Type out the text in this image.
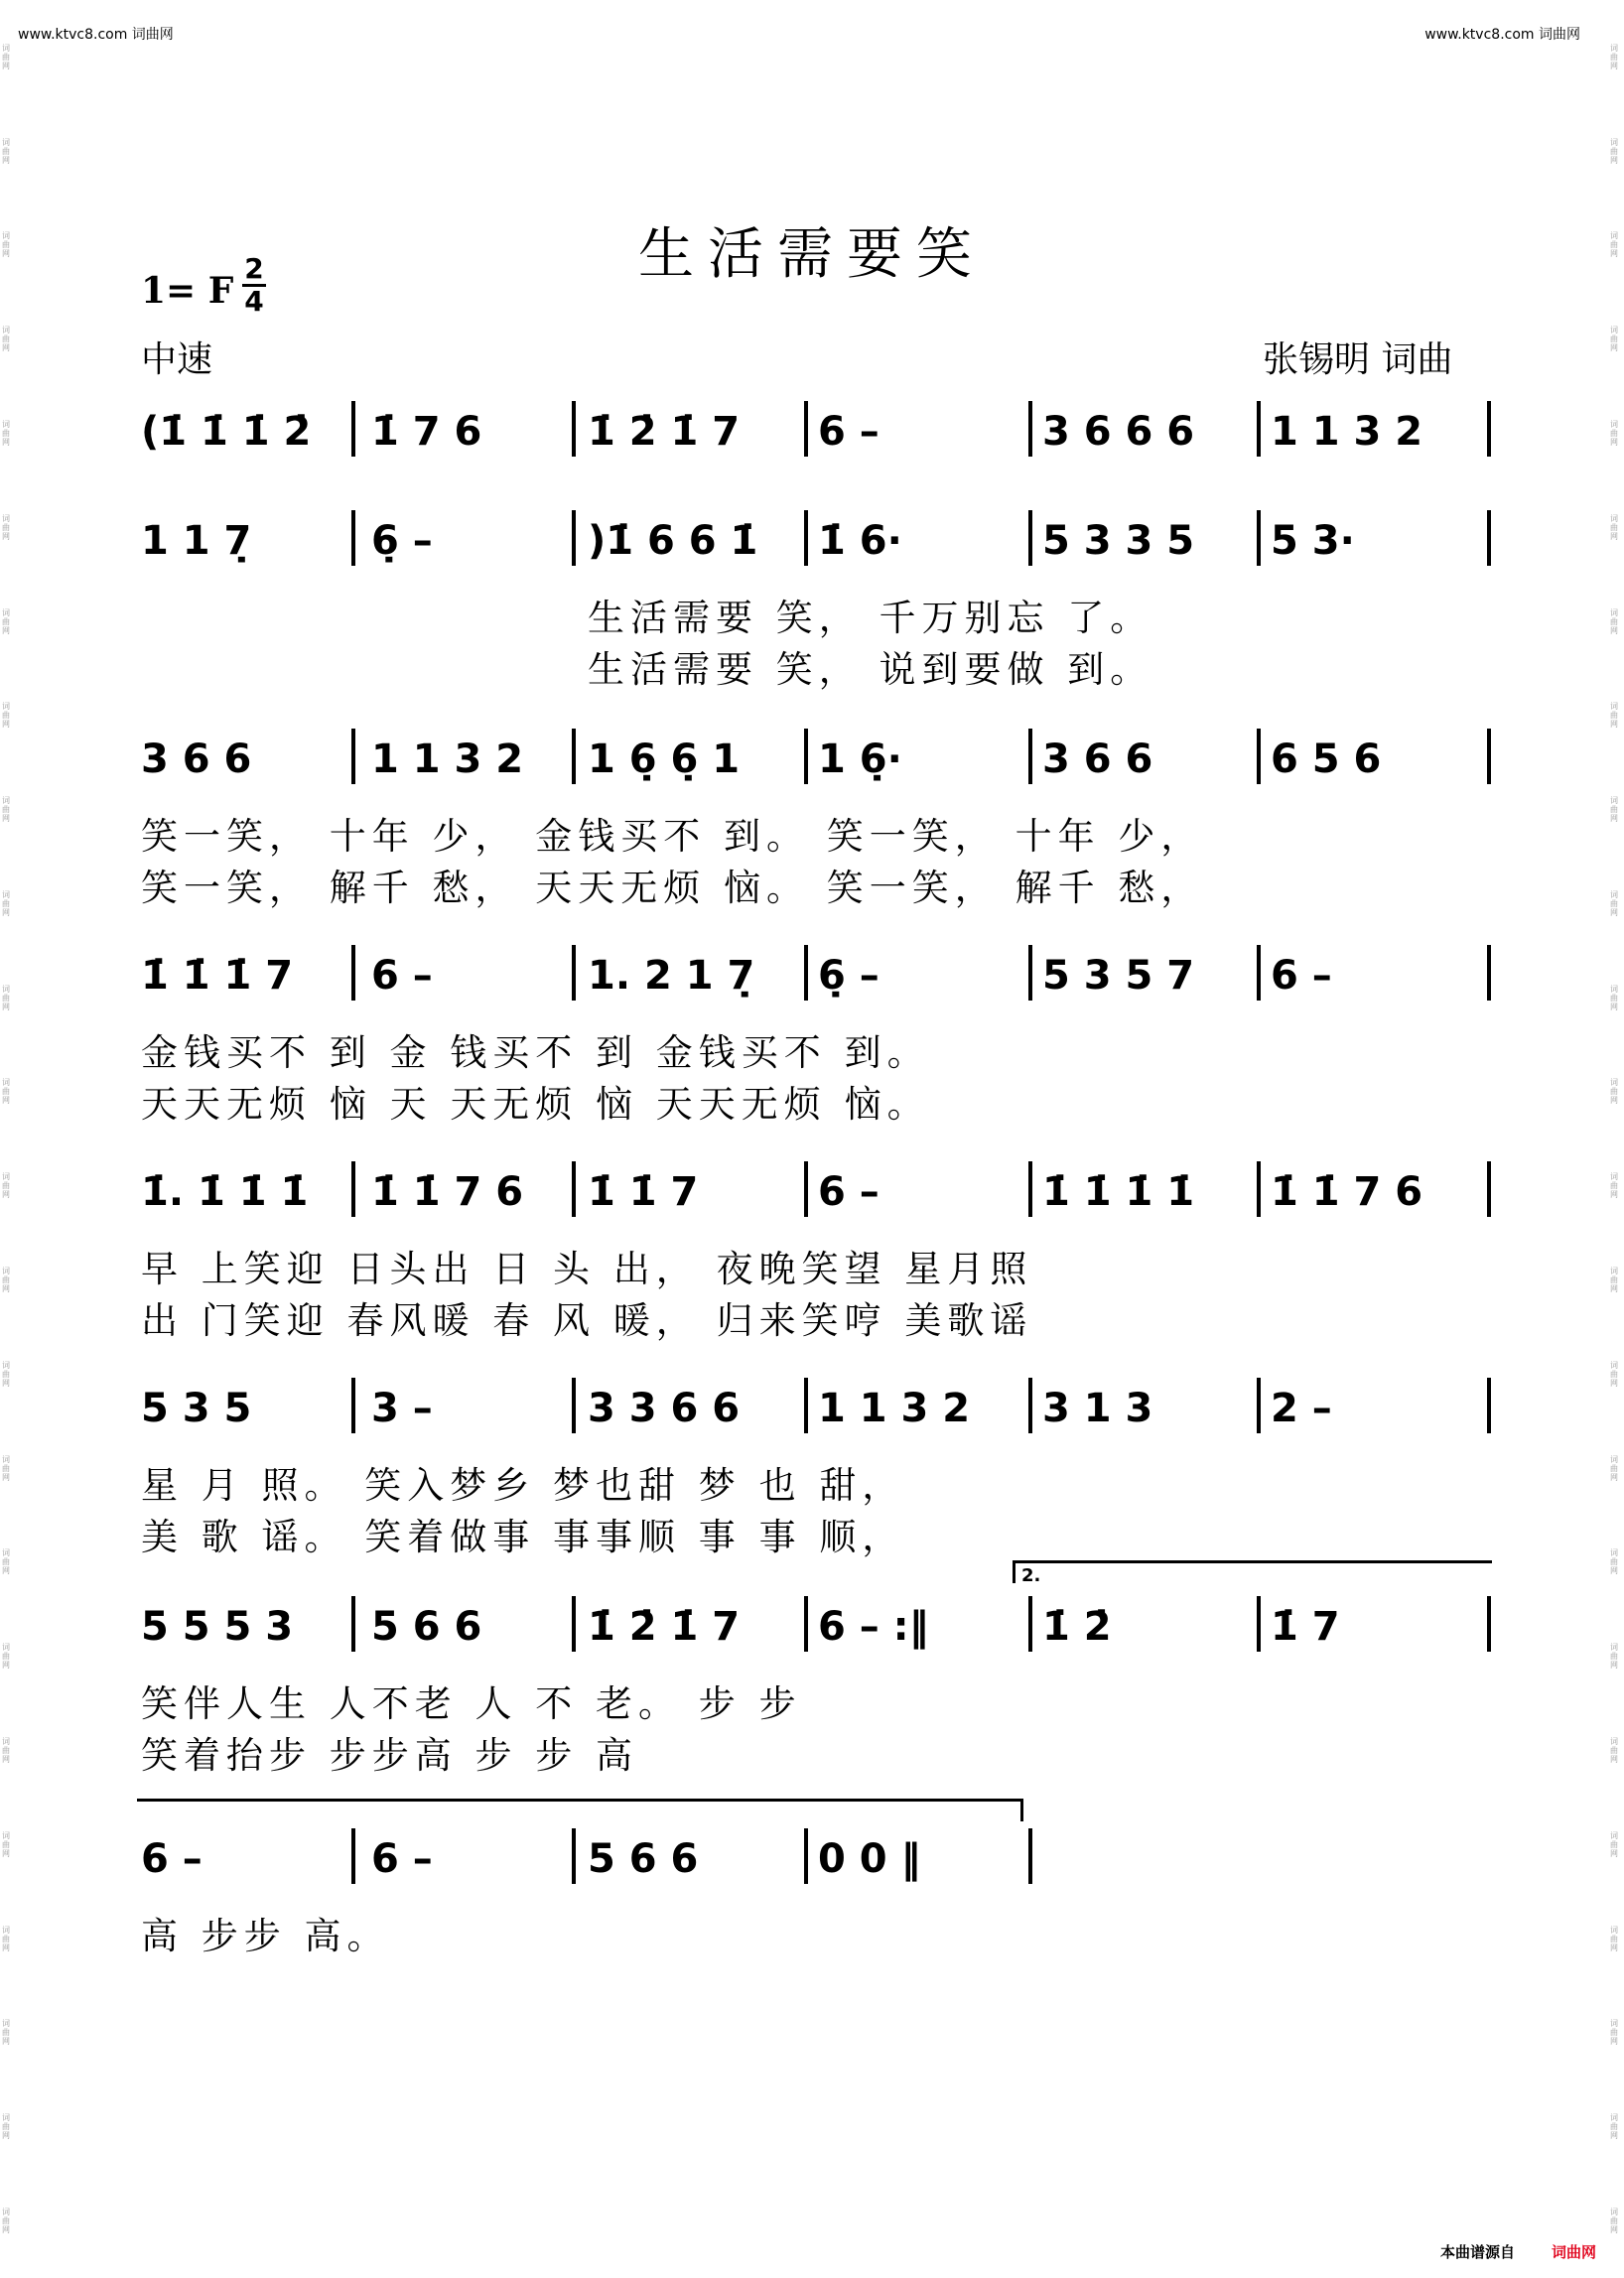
www.ktvc8.com 词曲网	www.ktvc8.com 词曲网
词曲网
词曲网
词曲网
词曲网
词曲网
词曲网
词曲网
词曲网
词曲网
词曲网
词曲网
词曲网
词曲网
词曲网
词曲网
词曲网
词曲网
词曲网
词曲网
词曲网
词曲网
词曲网
词曲网
词曲网
词曲网
词曲网
词曲网
词曲网
词曲网
词曲网
词曲网
词曲网
词曲网
词曲网
词曲网
词曲网
词曲网
词曲网
词曲网
词曲网
词曲网
词曲网
词曲网
词曲网
词曲网
词曲网
词曲网
词曲网
生活需要笑
1= F $\frac{2}{4}$
中速	张锡明 词曲
(1̇ 1̇ 1̇ 2̇ 1̇ 7 6	1̇ 2̇ 1̇ 7 6 –	3 6 6 6 1 1 3 2
1 1 7̣	6̣ –	)1̇ 6 6 1̇ 1̇ 6·	5 3 3 5 5 3·
生活需要 笑， 千万别忘 了。
生活需要 笑， 说到要做 到。
3 6 6	1 1 3 2 1 6̣ 6̣ 1 1 6̣·	3 6 6	6 5 6
笑一笑， 十年 少， 金钱买不 到。 笑一笑， 十年 少，
笑一笑， 解千 愁， 天天无烦 恼。 笑一笑， 解千 愁，
1̇ 1̇ 1̇ 7 6 –	1. 2 1 7̣ 6̣ –	5 3 5 7 6 –
金钱买不 到 金 钱买不 到 金钱买不 到。
天天无烦 恼 天 天无烦 恼 天天无烦 恼。
1̇. 1̇ 1̇ 1̇ 1̇ 1̇ 7 6 1̇ 1̇ 7	6 –	1̇ 1̇ 1̇ 1̇ 1̇ 1̇ 7 6
早 上笑迎 日头出 日 头 出， 夜晚笑望 星月照
出 门笑迎 春风暖 春 风 暖， 归来笑哼 美歌谣
5 3 5	3 –	3 3 6 6 1 1 3 2 3 1 3	2 –
星 月 照。 笑入梦乡 梦也甜 梦 也 甜，
美 歌 谣。 笑着做事 事事顺 事 事 顺，
5 5 5 3 5 6 6	1̇ 2̇ 1̇ 7 6 – :‖	1̇ 2̇	1̇ 7
笑伴人生 人不老 人 不 老。 步 步
笑着抬步 步步高 步 步 高
6 –	6 –	5 6 6	0 0 ‖
高 步步 高。
2.
本曲谱源自 词曲网
